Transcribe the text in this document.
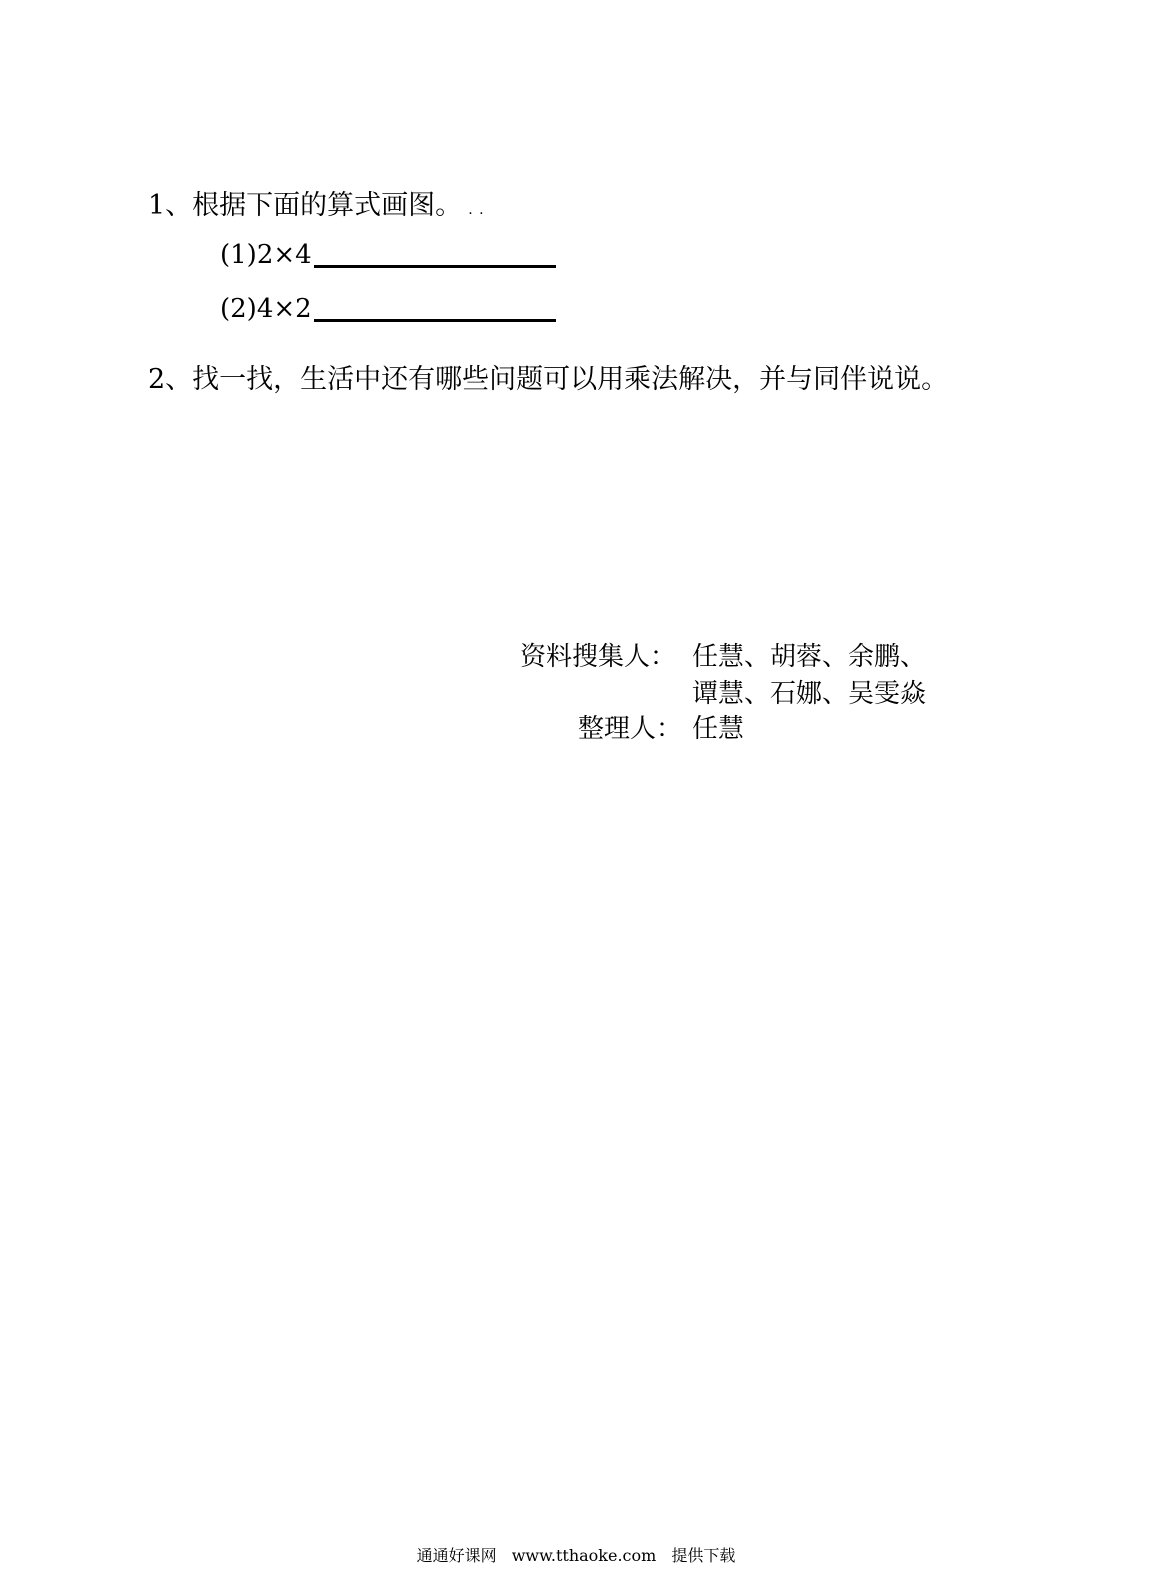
1、根据下面的算式画图。 . .
(1)2×4
(2)4×2
2、找一找，生活中还有哪些问题可以用乘法解决，并与同伴说说。
资料搜集人： 任慧、胡蓉、余鹏、
谭慧、石娜、吴雯焱
整理人： 任慧
通通好课网 www.tthaoke.com 提供下载
